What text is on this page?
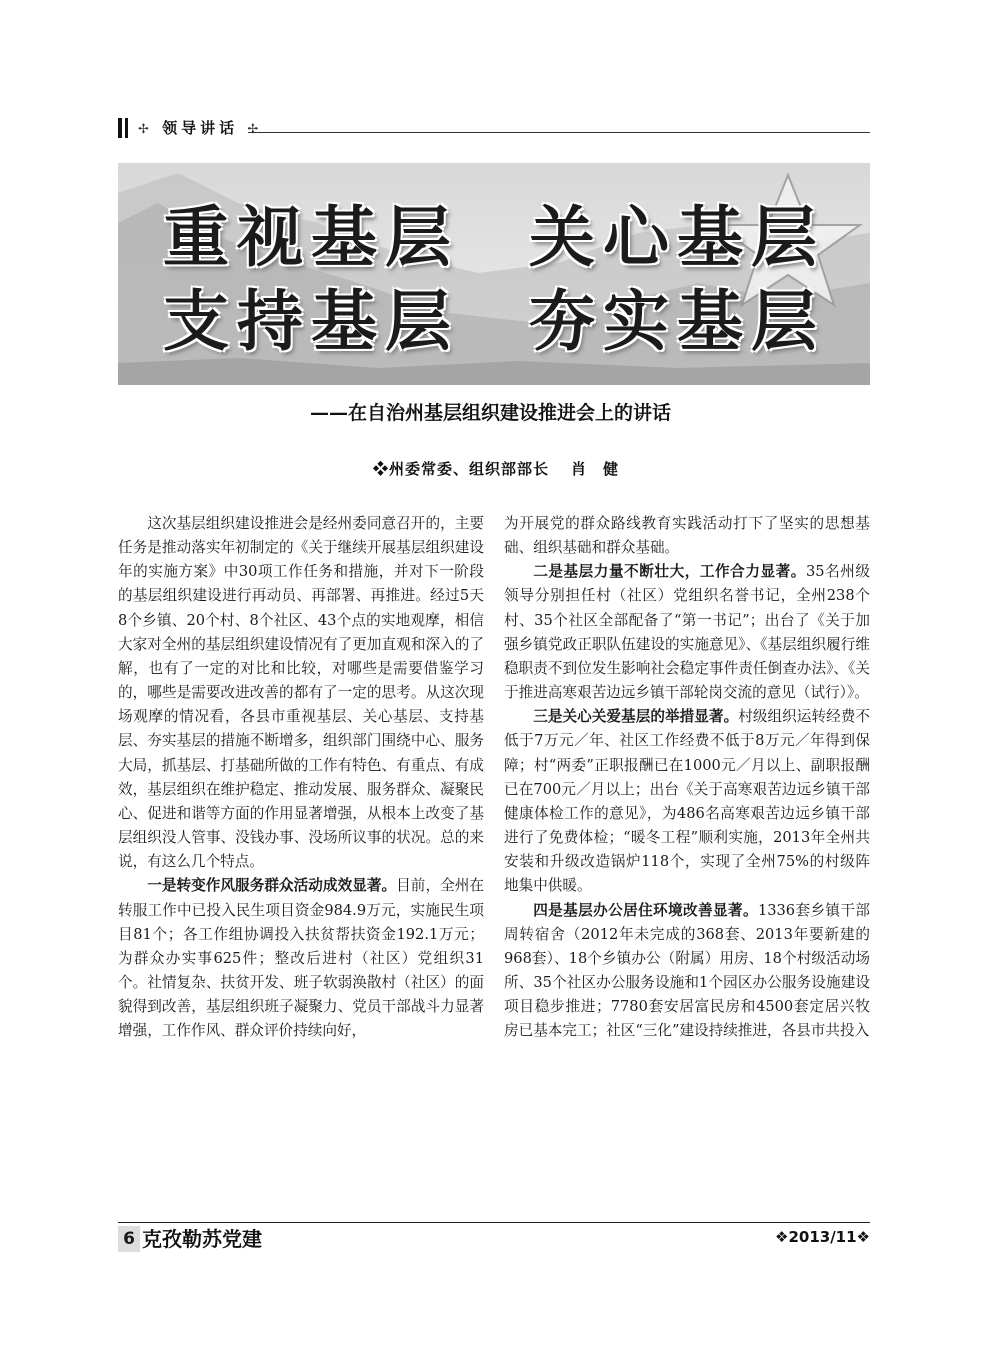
✢ 领导讲话 ✢
重视基层 关心基层
支持基层 夯实基层
——在自治州基层组织建设推进会上的讲话
❖州委常委、组织部部长 肖　健

这次基层组织建设推进会是经州委同意召开的，主要任务是推动落实年初制定的《关于继续开展基层组织建设年的实施方案》中30项工作任务和措施，并对下一阶段的基层组织建设进行再动员、再部署、再推进。经过5天8个乡镇、20个村、8个社区、43个点的实地观摩，相信大家对全州的基层组织建设情况有了更加直观和深入的了解，也有了一定的对比和比较，对哪些是需要借鉴学习的，哪些是需要改进改善的都有了一定的思考。从这次现场观摩的情况看，各县市重视基层、关心基层、支持基层、夯实基层的措施不断增多，组织部门围绕中心、服务大局，抓基层、打基础所做的工作有特色、有重点、有成效，基层组织在维护稳定、推动发展、服务群众、凝聚民心、促进和谐等方面的作用显著增强，从根本上改变了基层组织没人管事、没钱办事、没场所议事的状况。总的来说，有这么几个特点。

一是转变作风服务群众活动成效显著。目前，全州在转服工作中已投入民生项目资金984.9万元，实施民生项目81个；各工作组协调投入扶贫帮扶资金192.1万元；为群众办实事625件；整改后进村（社区）党组织31个。社情复杂、扶贫开发、班子软弱涣散村（社区）的面貌得到改善，基层组织班子凝聚力、党员干部战斗力显著增强，工作作风、群众评价持续向好，

为开展党的群众路线教育实践活动打下了坚实的思想基础、组织基础和群众基础。

二是基层力量不断壮大，工作合力显著。35名州级领导分别担任村（社区）党组织名誉书记，全州238个村、35个社区全部配备了“第一书记”；出台了《关于加强乡镇党政正职队伍建设的实施意见》、《基层组织履行维稳职责不到位发生影响社会稳定事件责任倒查办法》、《关于推进高寒艰苦边远乡镇干部轮岗交流的意见（试行）》。

三是关心关爱基层的举措显著。村级组织运转经费不低于7万元／年、社区工作经费不低于8万元／年得到保障；村“两委”正职报酬已在1000元／月以上、副职报酬已在700元／月以上；出台《关于高寒艰苦边远乡镇干部健康体检工作的意见》，为486名高寒艰苦边远乡镇干部进行了免费体检；“暖冬工程”顺利实施，2013年全州共安装和升级改造锅炉118个，实现了全州75%的村级阵地集中供暖。

四是基层办公居住环境改善显著。1336套乡镇干部周转宿舍（2012年未完成的368套、2013年要新建的968套）、18个乡镇办公（附属）用房、18个村级活动场所、35个社区办公服务设施和1个园区办公服务设施建设项目稳步推进；7780套安居富民房和4500套定居兴牧房已基本完工；社区“三化”建设持续推进，各县市共投入

6 克孜勒苏党建	❖2013/11❖
